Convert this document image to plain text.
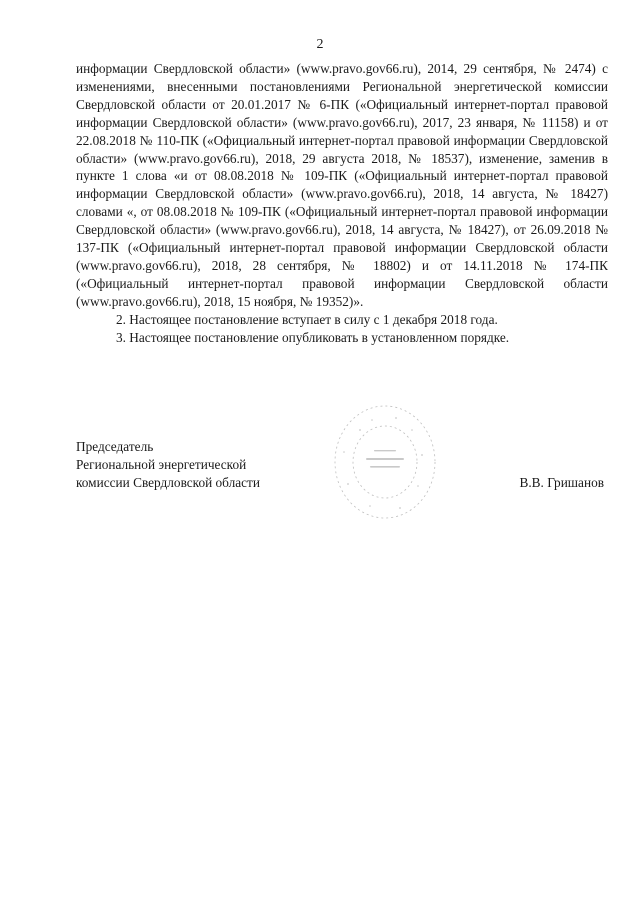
2

информации Свердловской области» (www.pravo.gov66.ru), 2014, 29 сентября, № 2474) с изменениями, внесенными постановлениями Региональной энергетической комиссии Свердловской области от 20.01.2017 № 6-ПК («Официальный интернет-портал правовой информации Свердловской области» (www.pravo.gov66.ru), 2017, 23 января, № 11158) и от 22.08.2018 № 110-ПК («Официальный интернет-портал правовой информации Свердловской области» (www.pravo.gov66.ru), 2018, 29 августа 2018, № 18537), изменение, заменив в пункте 1 слова «и от 08.08.2018 № 109-ПК («Официальный интернет-портал правовой информации Свердловской области» (www.pravo.gov66.ru), 2018, 14 августа, № 18427) словами «, от 08.08.2018 № 109-ПК («Официальный интернет-портал правовой информации Свердловской области» (www.pravo.gov66.ru), 2018, 14 августа, № 18427), от 26.09.2018 № 137-ПК («Официальный интернет-портал правовой информации Свердловской области (www.pravo.gov66.ru), 2018, 28 сентября, № 18802) и от 14.11.2018 № 174-ПК («Официальный интернет-портал правовой информации Свердловской области (www.pravo.gov66.ru), 2018, 15 ноября, № 19352)».

2. Настоящее постановление вступает в силу с 1 декабря 2018 года.

3. Настоящее постановление опубликовать в установленном порядке.

Председатель

Региональной энергетической

комиссии Свердловской области	В.В. Гришанов
